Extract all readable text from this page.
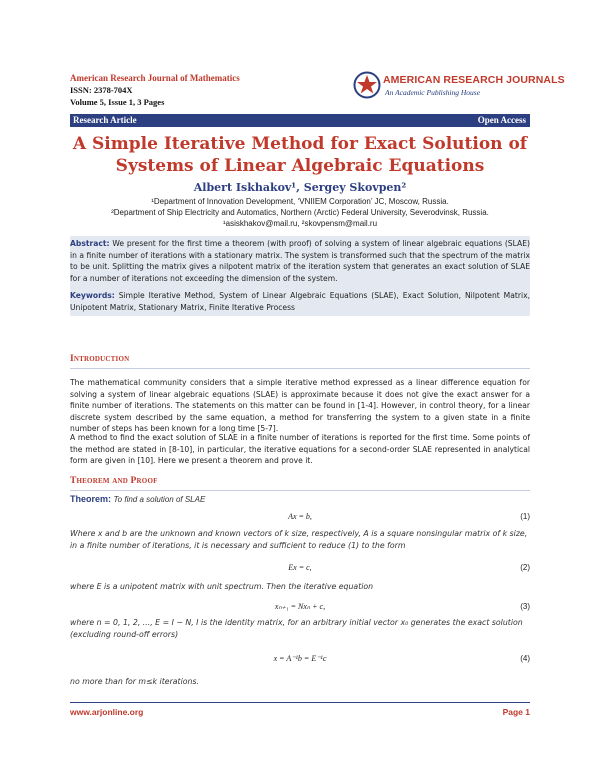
American Research Journal of Mathematics
ISSN: 2378-704X
Volume 5, Issue 1, 3 Pages
AMERICAN RESEARCH JOURNALS
An Academic Publishing House
Research Article	Open Access
A Simple Iterative Method for Exact Solution of Systems of Linear Algebraic Equations
Albert Iskhakov¹, Sergey Skovpen²
¹Department of Innovation Development, ‘VNIIEM Corporation’ JC, Moscow, Russia.
²Department of Ship Electricity and Automatics, Northern (Arctic) Federal University, Severodvinsk, Russia.
¹asiskhakov@mail.ru, ²skovpensm@mail.ru
Abstract: We present for the first time a theorem (with proof) of solving a system of linear algebraic equations (SLAE) in a finite number of iterations with a stationary matrix. The system is transformed such that the spectrum of the matrix to be unit. Splitting the matrix gives a nilpotent matrix of the iteration system that generates an exact solution of SLAE for a number of iterations not exceeding the dimension of the system.
Keywords: Simple Iterative Method, System of Linear Algebraic Equations (SLAE), Exact Solution, Nilpotent Matrix, Unipotent Matrix, Stationary Matrix, Finite Iterative Process
Introduction
The mathematical community considers that a simple iterative method expressed as a linear difference equation for solving a system of linear algebraic equations (SLAE) is approximate because it does not give the exact answer for a finite number of iterations. The statements on this matter can be found in [1-4]. However, in control theory, for a linear discrete system described by the same equation, a method for transferring the system to a given state in a finite number of steps has been known for a long time [5-7].
A method to find the exact solution of SLAE in a finite number of iterations is reported for the first time. Some points of the method are stated in [8-10], in particular, the iterative equations for a second-order SLAE represented in analytical form are given in [10]. Here we present a theorem and prove it.
Theorem and Proof
Theorem: To find a solution of SLAE
Ax = b,	(1)
Where x and b are the unknown and known vectors of k size, respectively, A is a square nonsingular matrix of k size, in a finite number of iterations, it is necessary and sufficient to reduce (1) to the form
Ex = c,	(2)
where E is a unipotent matrix with unit spectrum. Then the iterative equation
xₙ₊₁ = Nxₙ + c,	(3)
where n = 0, 1, 2, ..., E = I − N, I is the identity matrix, for an arbitrary initial vector x₀ generates the exact solution (excluding round-off errors)
x = A⁻¹b = E⁻¹c	(4)
no more than for m≤k iterations.
www.arjonline.org	Page 1
